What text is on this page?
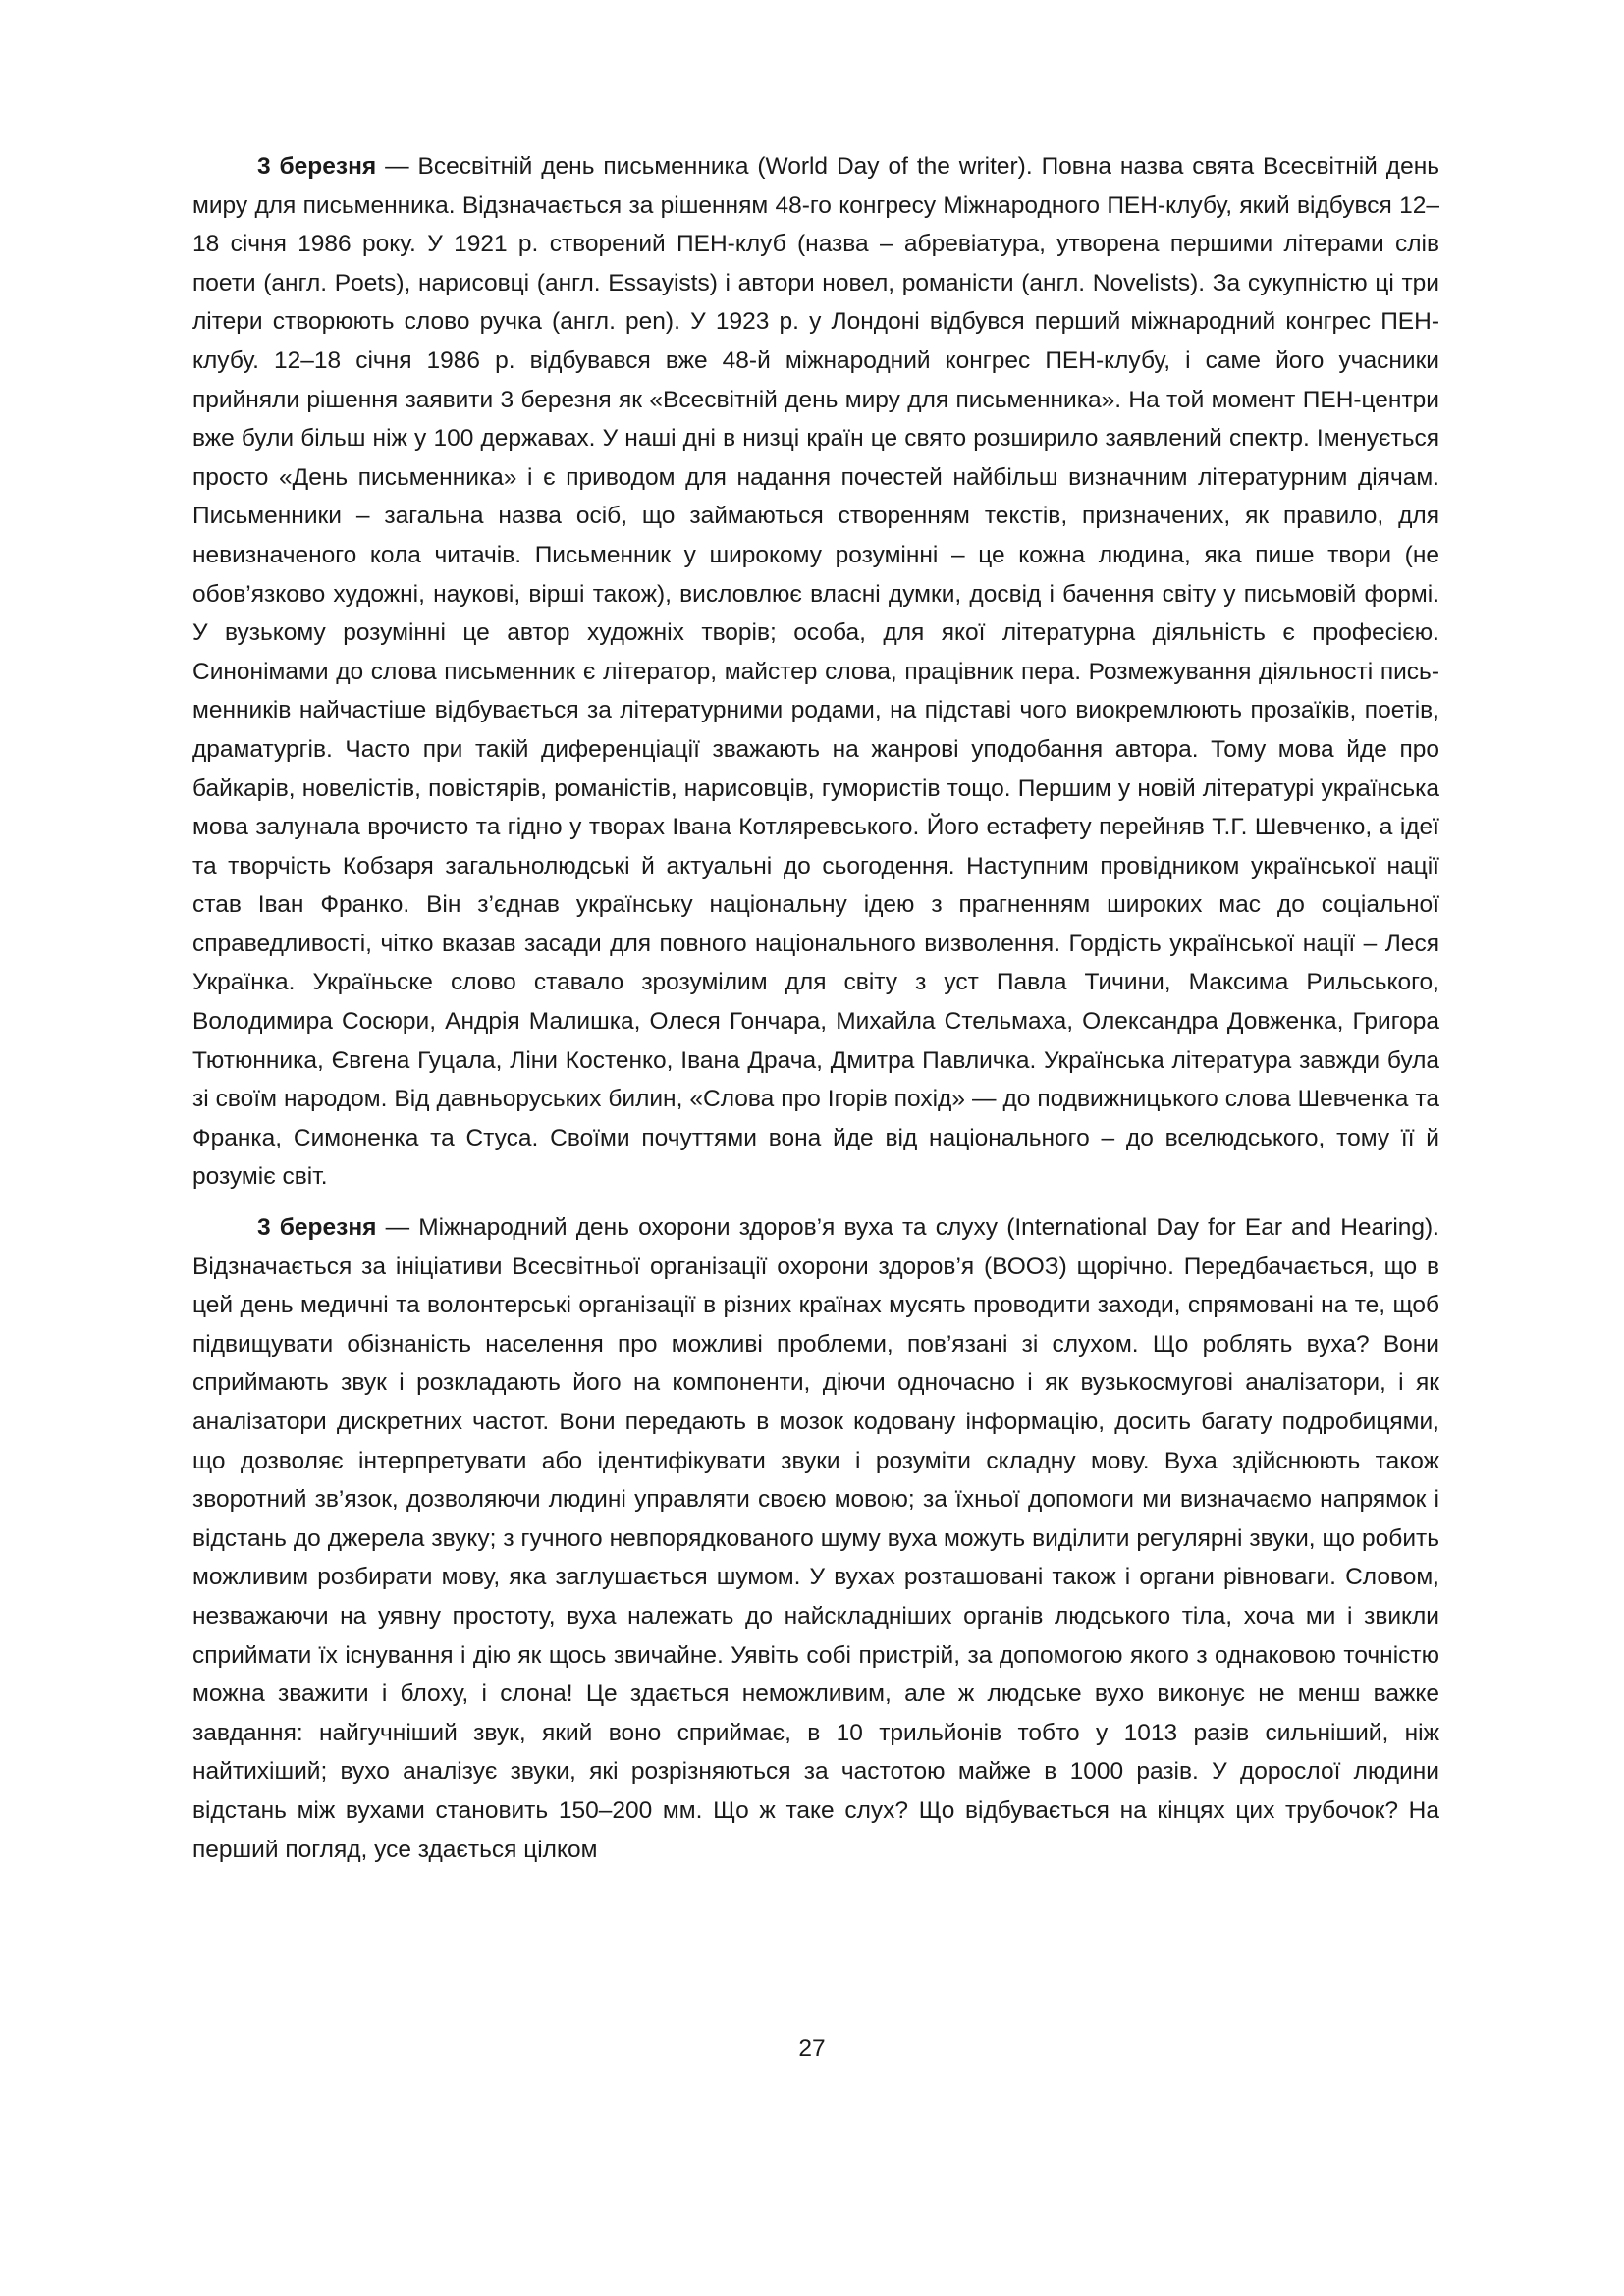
3 березня — Всесвітній день письменника (World Day of the writer). Повна назва свята Всесвітній день миру для письменника. Відзначається за рішенням 48-го конгресу Міжнародного ПЕН-клубу, який відбувся 12–18 січня 1986 року. У 1921 р. створений ПЕН-клуб (назва – абревіатура, утворена першими літерами слів поети (англ. Poets), нарисовці (англ. Essayists) і автори новел, романісти (англ. Novelists). За сукупністю ці три літери створюють слово ручка (англ. pen). У 1923 р. у Лондоні відбувся перший міжнародний конгрес ПЕН-клубу. 12–18 січня 1986 р. відбувався вже 48-й міжнародний конгрес ПЕН-клубу, і саме його учасники прийняли рішення заявити 3 березня як «Всесвітній день миру для письменника». На той момент ПЕН-центри вже були більш ніж у 100 державах. У наші дні в низці країн це свято розширило заявлений спектр. Іменується просто «День письменника» і є приводом для надання почестей найбільш визначним літературним діячам. Письменники – загальна назва осіб, що займаються створенням текстів, призначених, як правило, для невизначеного кола читачів. Письменник у широкому розумінні – це кожна людина, яка пише твори (не обов’язково художні, наукові, вірші також), висловлює власні думки, досвід і бачення світу у письмовій формі. У вузькому розумінні це автор художніх творів; особа, для якої літературна діяльність є професією. Синонімами до слова письменник є літератор, майстер слова, працівник пера. Розмежування діяльності письменників найчастіше відбувається за літературними родами, на підставі чого виокремлюють прозаїків, поетів, драматургів. Часто при такій диференціації зважають на жанрові уподобання автора. Тому мова йде про байкарів, новелістів, повістярів, романістів, нарисовців, гумористів тощо. Першим у новій літературі українська мова залунала врочисто та гідно у творах Івана Котляревського. Його естафету перейняв Т.Г. Шевченко, а ідеї та творчість Кобзаря загальнолюдські й актуальні до сьогодення. Наступним провідником української нації став Іван Франко. Він з’єднав українську національну ідею з прагненням широких мас до соціальної справедливості, чітко вказав засади для повного національного визволення. Гордість української нації – Леся Українка. Україньске слово ставало зрозумілим для світу з уст Павла Тичини, Максима Рильського, Володимира Сосюри, Андрія Малишка, Олеся Гончара, Михайла Стельмаха, Олександра Довженка, Григора Тютюнника, Євгена Гуцала, Ліни Костенко, Івана Драча, Дмитра Павличка. Українська література завжди була зі своїм народом. Від давньоруських билин, «Слова про Ігорів похід» — до подвижницького слова Шевченка та Франка, Симоненка та Стуса. Своїми почуттями вона йде від національного – до вселюдського, тому її й розуміє світ.

3 березня — Міжнародний день охорони здоров’я вуха та слуху (International Day for Ear and Hearing). Відзначається за ініціативи Всесвітньої організації охорони здоров’я (ВООЗ) щорічно. Передбачається, що в цей день медичні та волонтерські організації в різних країнах мусять проводити заходи, спрямовані на те, щоб підвищувати обізнаність населення про можливі проблеми, пов’язані зі слухом. Що роблять вуха? Вони сприймають звук і розкладають його на компоненти, діючи одночасно і як вузькосмугові аналізатори, і як аналізатори дискретних частот. Вони передають в мозок кодовану інформацію, досить багату подробицями, що дозволяє інтерпретувати або ідентифікувати звуки і розуміти складну мову. Вуха здійснюють також зворотний зв’язок, дозволяючи людині управляти своєю мовою; за їхньої допомоги ми визначаємо напрямок і відстань до джерела звуку; з гучного невпорядкованого шуму вуха можуть виділити регулярні звуки, що робить можливим розбирати мову, яка заглушається шумом. У вухах розташовані також і органи рівноваги. Словом, незважаючи на уявну простоту, вуха належать до найскладніших органів людського тіла, хоча ми і звикли сприймати їх існування і дію як щось звичайне. Уявіть собі пристрій, за допомогою якого з однаковою точністю можна зважити і блоху, і слона! Це здається неможливим, але ж людське вухо виконує не менш важке завдання: найгучніший звук, який воно сприймає, в 10 трильйонів тобто у 1013 разів сильніший, ніж найтихіший; вухо аналізує звуки, які розрізняються за частотою майже в 1000 разів. У дорослої людини відстань між вухами становить 150–200 мм. Що ж таке слух? Що відбувається на кінцях цих трубочок? На перший погляд, усе здається цілком

27
